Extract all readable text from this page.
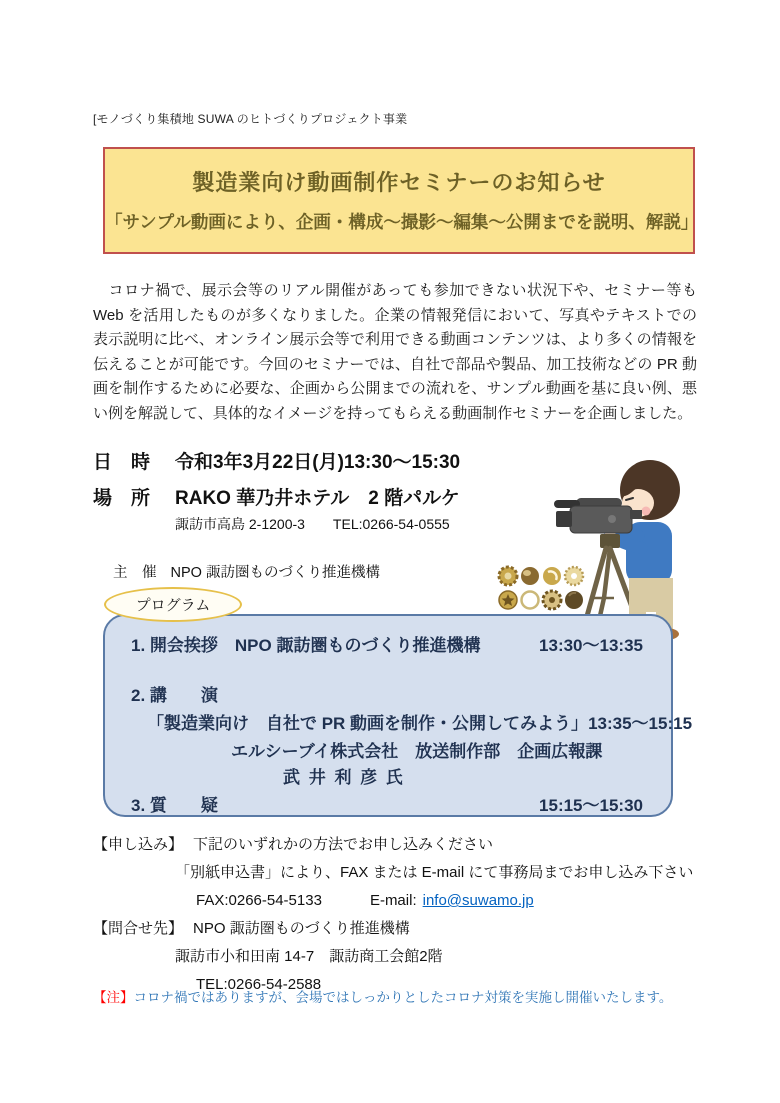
[モノづくり集積地 SUWA のヒトづくりプロジェクト事業
製造業向け動画制作セミナーのお知らせ
「サンプル動画により、企画・構成～撮影～編集～公開までを説明、解説」
　コロナ禍で、展示会等のリアル開催があっても参加できない状況下や、セミナー等も Web を活用したものが多くなりました。企業の情報発信において、写真やテキストでの表示説明に比べ、オンライン展示会等で利用できる動画コンテンツは、より多くの情報を伝えることが可能です。今回のセミナーでは、自社で部品や製品、加工技術などの PR 動画を制作するために必要な、企画から公開までの流れを、サンプル動画を基に良い例、悪い例を解説して、具体的なイメージを持ってもらえる動画制作セミナーを企画しました。
日　時	令和3年3月22日(月)13:30～15:30
場　所	RAKO 華乃井ホテル　2 階パルケ
諏訪市高島 2-1200-3　　TEL:0266-54-0555
主　催 NPO 諏訪圏ものづくり推進機構
プログラム
1. 開会挨拶　NPO 諏訪圏ものづくり推進機構	13:30～13:35
2. 講　　演
「製造業向け　自社で PR 動画を制作・公開してみよう」 13:35～15:15
エルシーブイ株式会社　放送制作部　企画広報課
武 井 利 彦 氏
3. 質　　疑	15:15～15:30
【申し込み】 下記のいずれかの方法でお申し込みください
「別紙申込書」により、FAX または E-mail にて事務局までお申し込み下さい
FAX:0266-54-5133	E-mail: info@suwamo.jp
【問合せ先】 NPO 諏訪圏ものづくり推進機構
諏訪市小和田南 14-7　諏訪商工会館2階
TEL:0266-54-2588
【注】コロナ禍ではありますが、会場ではしっかりとしたコロナ対策を実施し開催いたします。
